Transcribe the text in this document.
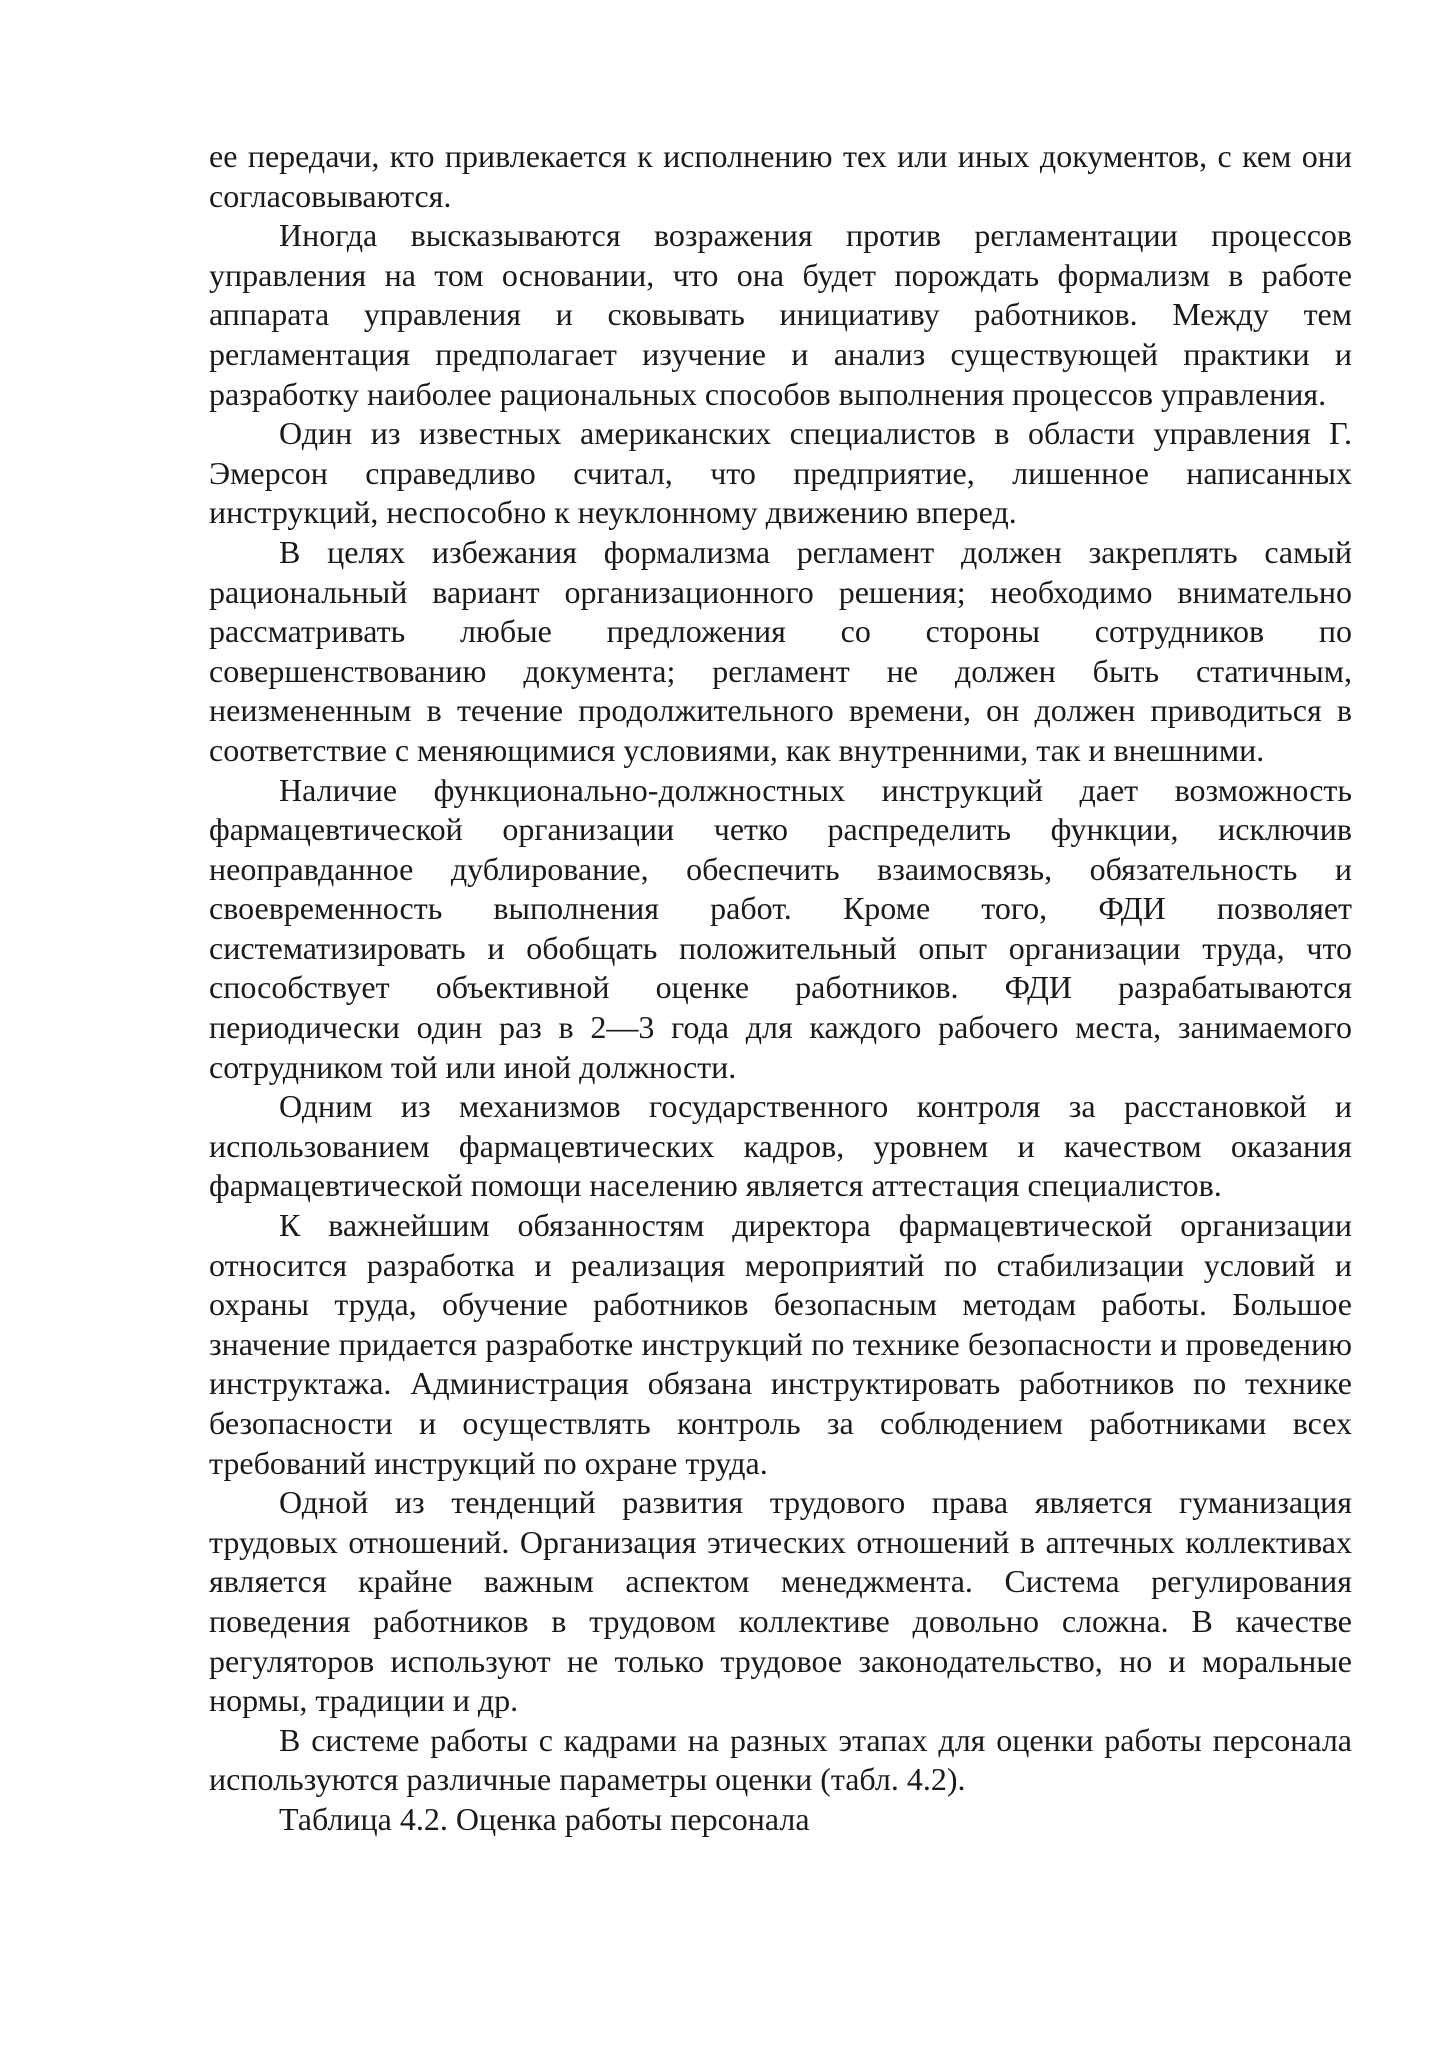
ее передачи, кто привлекается к исполнению тех или иных документов, с кем они согласовываются.

Иногда высказываются возражения против регламентации процессов управления на том основании, что она будет порождать формализм в работе аппарата управления и сковывать инициативу работников. Между тем регламентация предполагает изучение и анализ существующей практики и разработку наиболее рациональных способов выполнения процессов управления.

Один из известных американских специалистов в области управления Г. Эмерсон справедливо считал, что предприятие, лишенное написанных инструкций, неспособно к неуклонному движению вперед.

В целях избежания формализма регламент должен закреплять самый рациональный вариант организационного решения; необходимо внимательно рассматривать любые предложения со стороны сотрудников по совершенствованию документа; регламент не должен быть статичным, неизмененным в течение продолжительного времени, он должен приводиться в соответствие с меняющимися условиями, как внутренними, так и внешними.

Наличие функционально-должностных инструкций дает возможность фармацевтической организации четко распределить функции, исключив неоправданное дублирование, обеспечить взаимосвязь, обязательность и своевременность выполнения работ. Кроме того, ФДИ позволяет систематизировать и обобщать положительный опыт организации труда, что способствует объективной оценке работников. ФДИ разрабатываются периодически один раз в 2—3 года для каждого рабочего места, занимаемого сотрудником той или иной должности.

Одним из механизмов государственного контроля за расстановкой и использованием фармацевтических кадров, уровнем и качеством оказания фармацевтической помощи населению является аттестация специалистов.

К важнейшим обязанностям директора фармацевтической организации относится разработка и реализация мероприятий по стабилизации условий и охраны труда, обучение работников безопасным методам работы. Большое значение придается разработке инструкций по технике безопасности и проведению инструктажа. Администрация обязана инструктировать работников по технике безопасности и осуществлять контроль за соблюдением работниками всех требований инструкций по охране труда.

Одной из тенденций развития трудового права является гуманизация трудовых отношений. Организация этических отношений в аптечных коллективах является крайне важным аспектом менеджмента. Система регулирования поведения работников в трудовом коллективе довольно сложна. В качестве регуляторов используют не только трудовое законодательство, но и моральные нормы, традиции и др.

В системе работы с кадрами на разных этапах для оценки работы персонала используются различные параметры оценки (табл. 4.2).

Таблица 4.2. Оценка работы персонала
